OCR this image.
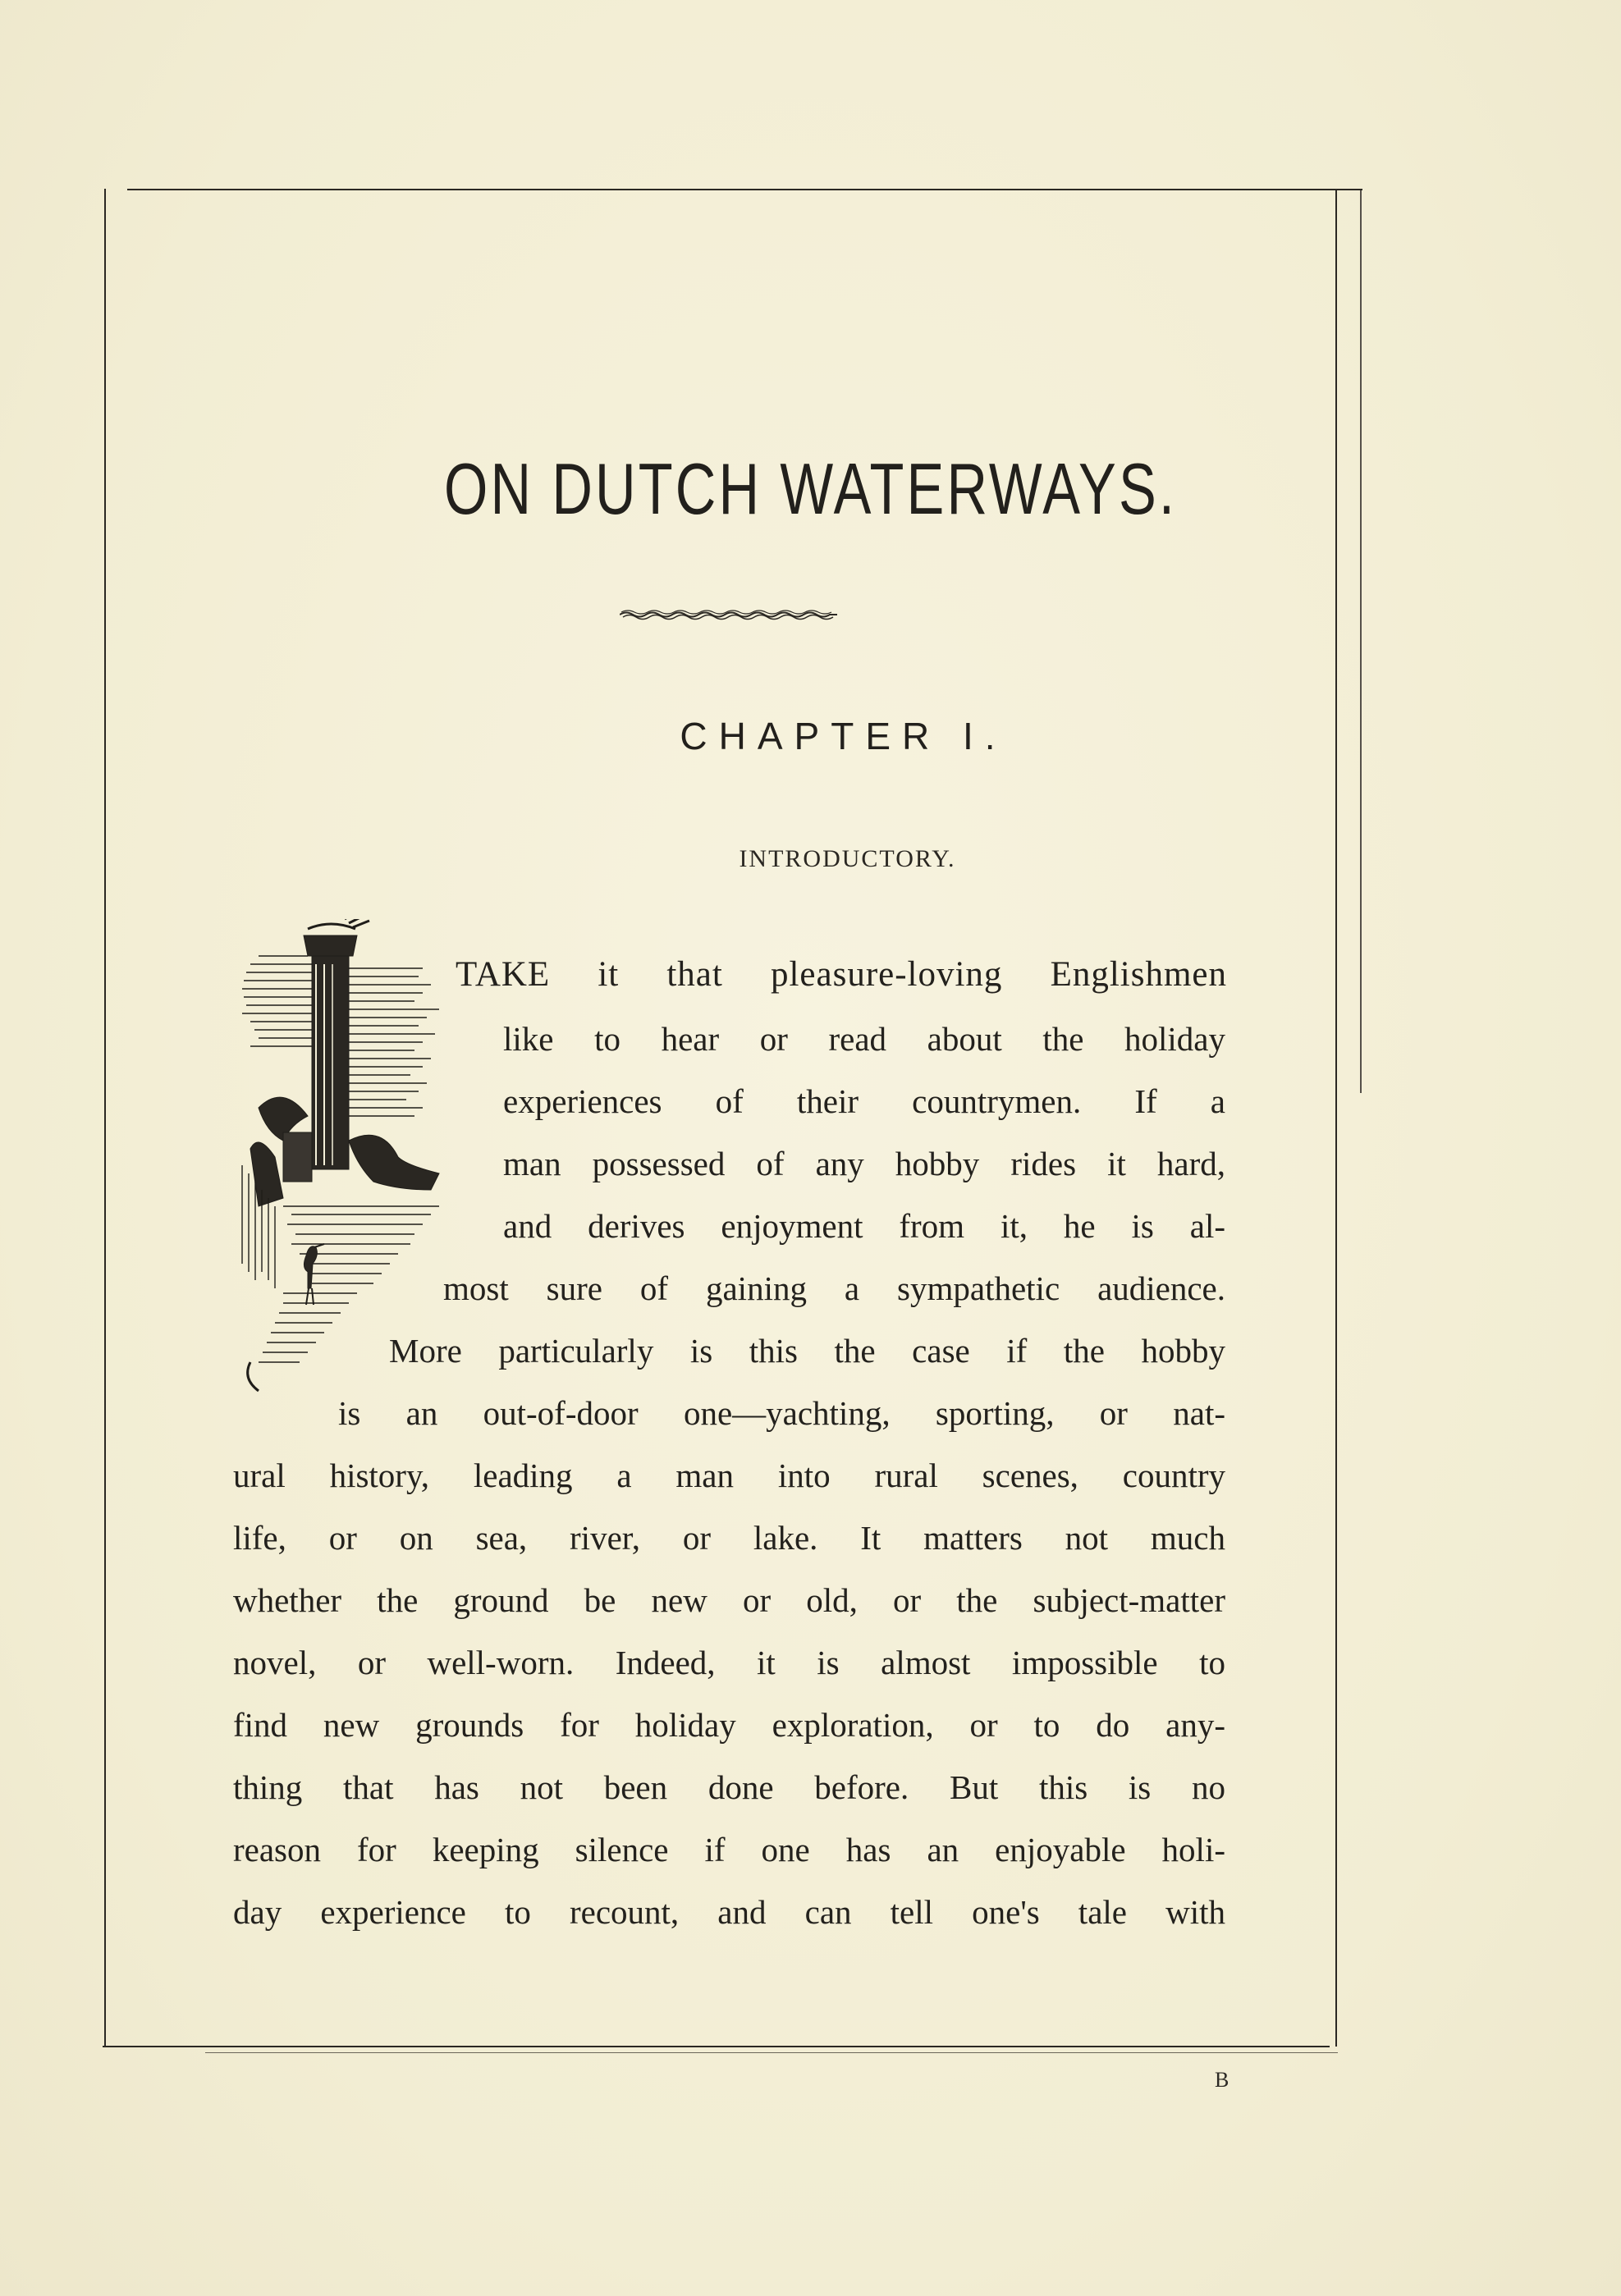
ON DUTCH WATERWAYS.
CHAPTER I.
INTRODUCTORY.
TAKE it that pleasure-loving Englishmen
like to hear or read about the holiday
experiences of their countrymen. If a
man possessed of any hobby rides it hard,
and derives enjoyment from it, he is al-
most sure of gaining a sympathetic audience.
More particularly is this the case if the hobby
is an out-of-door one—yachting, sporting, or nat-
ural history, leading a man into rural scenes, country
life, or on sea, river, or lake. It matters not much
whether the ground be new or old, or the subject-matter
novel, or well-worn. Indeed, it is almost impossible to
find new grounds for holiday exploration, or to do any-
thing that has not been done before. But this is no
reason for keeping silence if one has an enjoyable holi-
day experience to recount, and can tell one's tale with
B
